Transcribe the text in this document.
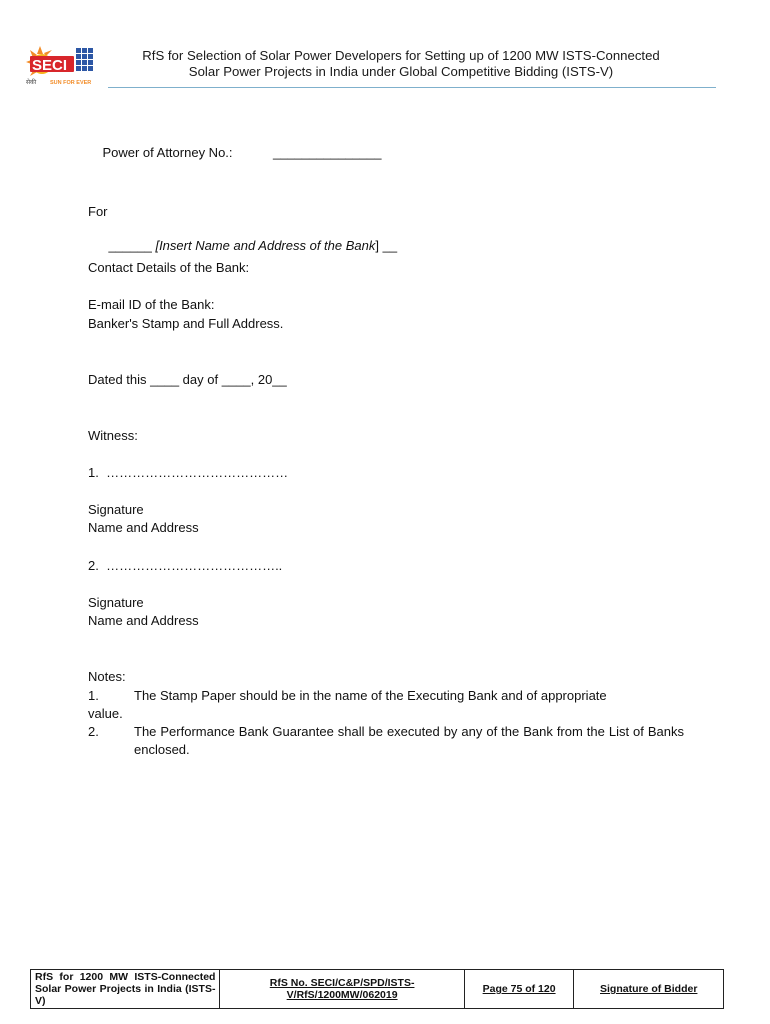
SECI
सेकी	SUN FOR EVER
RfS for Selection of Solar Power Developers for Setting up of 1200 MW ISTS-Connected
Solar Power Projects in India under Global Competitive Bidding (ISTS-V)

Power of Attorney No.:	_______________

For

______ [Insert Name and Address of the Bank] __

Contact Details of the Bank:
E-mail ID of the Bank:
Banker's Stamp and Full Address.
Dated this ____ day of ____, 20__
Witness:
1.  ……………………………………
Signature
Name and Address
2.  …………………………………..
Signature
Name and Address
Notes:
1.	The Stamp Paper should be in the name of the Executing Bank and of appropriate
value.
2.	The Performance Bank Guarantee shall be executed by any of the Bank from the List of Banks enclosed.
RfS for 1200 MW ISTS-Connected Solar Power Projects in India (ISTS-V)
RfS No. SECI/C&P/SPD/ISTS-V/RfS/1200MW/062019	Page 75 of 120	Signature of Bidder
